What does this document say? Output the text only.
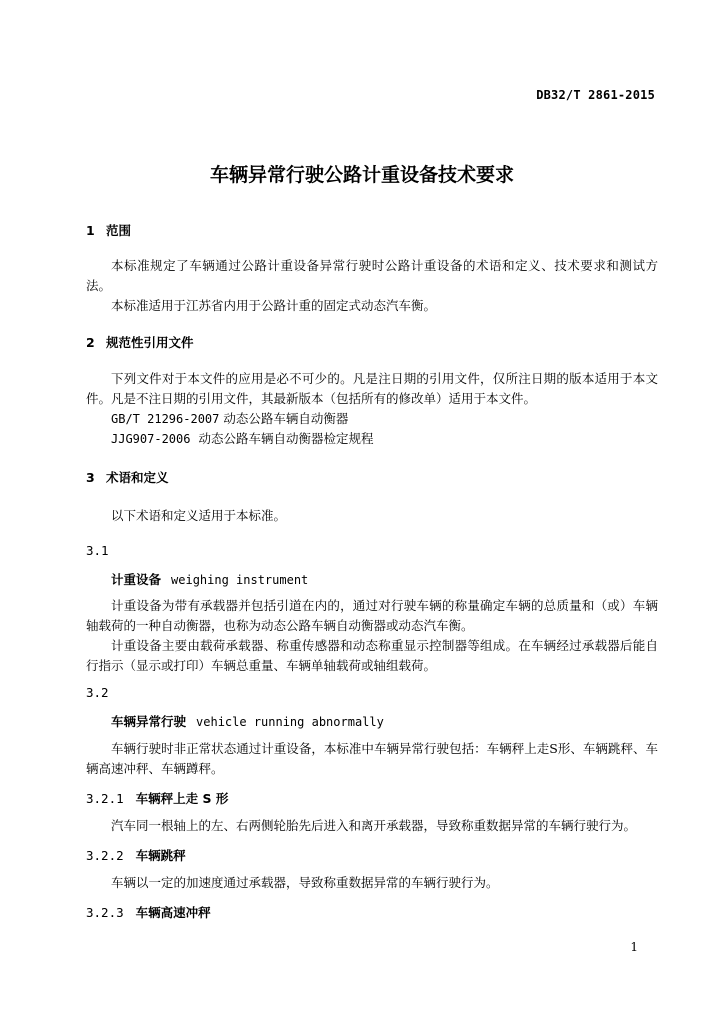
DB32/T 2861-2015
车辆异常行驶公路计重设备技术要求
1 范围

本标准规定了车辆通过公路计重设备异常行驶时公路计重设备的术语和定义、技术要求和测试方法。

本标准适用于江苏省内用于公路计重的固定式动态汽车衡。

2 规范性引用文件

下列文件对于本文件的应用是必不可少的。凡是注日期的引用文件，仅所注日期的版本适用于本文件。凡是不注日期的引用文件，其最新版本（包括所有的修改单）适用于本文件。

GB/T 21296-2007 动态公路车辆自动衡器

JJG907-2006 动态公路车辆自动衡器检定规程

3 术语和定义

以下术语和定义适用于本标准。

3.1
计重设备 weighing instrument

计重设备为带有承载器并包括引道在内的，通过对行驶车辆的称量确定车辆的总质量和（或）车辆轴载荷的一种自动衡器，也称为动态公路车辆自动衡器或动态汽车衡。

计重设备主要由载荷承载器、称重传感器和动态称重显示控制器等组成。在车辆经过承载器后能自行指示（显示或打印）车辆总重量、车辆单轴载荷或轴组载荷。

3.2
车辆异常行驶 vehicle running abnormally

车辆行驶时非正常状态通过计重设备，本标准中车辆异常行驶包括：车辆秤上走S形、车辆跳秤、车辆高速冲秤、车辆蹲秤。

3.2.1 车辆秤上走 S 形

汽车同一根轴上的左、右两侧轮胎先后进入和离开承载器，导致称重数据异常的车辆行驶行为。

3.2.2 车辆跳秤

车辆以一定的加速度通过承载器，导致称重数据异常的车辆行驶行为。

3.2.3 车辆高速冲秤
1
